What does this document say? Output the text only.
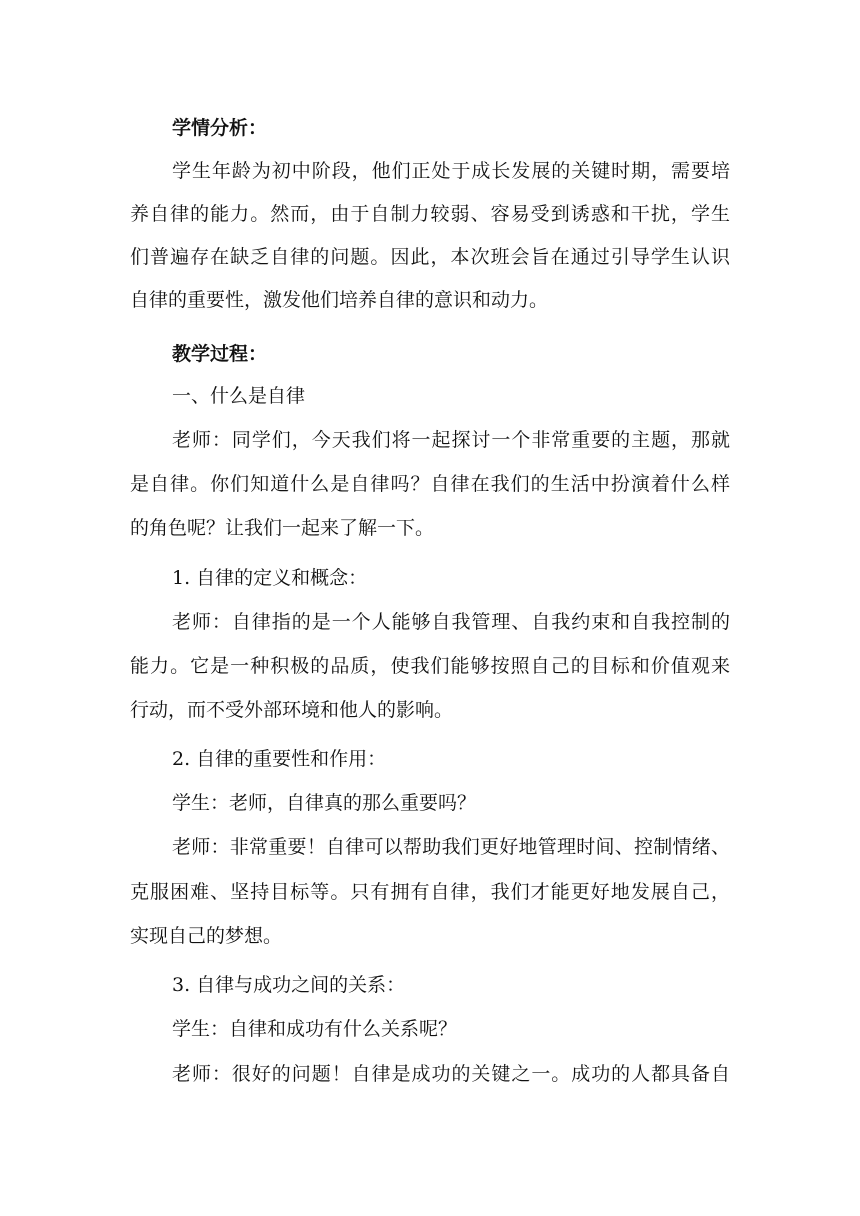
学情分析：
学生年龄为初中阶段，他们正处于成长发展的关键时期，需要培
养自律的能力。然而，由于自制力较弱、容易受到诱惑和干扰，学生
们普遍存在缺乏自律的问题。因此，本次班会旨在通过引导学生认识
自律的重要性，激发他们培养自律的意识和动力。
教学过程：
一、什么是自律
老师：同学们，今天我们将一起探讨一个非常重要的主题，那就
是自律。你们知道什么是自律吗？自律在我们的生活中扮演着什么样
的角色呢？让我们一起来了解一下。
1. 自律的定义和概念：
老师：自律指的是一个人能够自我管理、自我约束和自我控制的
能力。它是一种积极的品质，使我们能够按照自己的目标和价值观来
行动，而不受外部环境和他人的影响。
2. 自律的重要性和作用：
学生：老师，自律真的那么重要吗？
老师：非常重要！自律可以帮助我们更好地管理时间、控制情绪、
克服困难、坚持目标等。只有拥有自律，我们才能更好地发展自己，
实现自己的梦想。
3. 自律与成功之间的关系：
学生：自律和成功有什么关系呢？
老师：很好的问题！自律是成功的关键之一。成功的人都具备自
